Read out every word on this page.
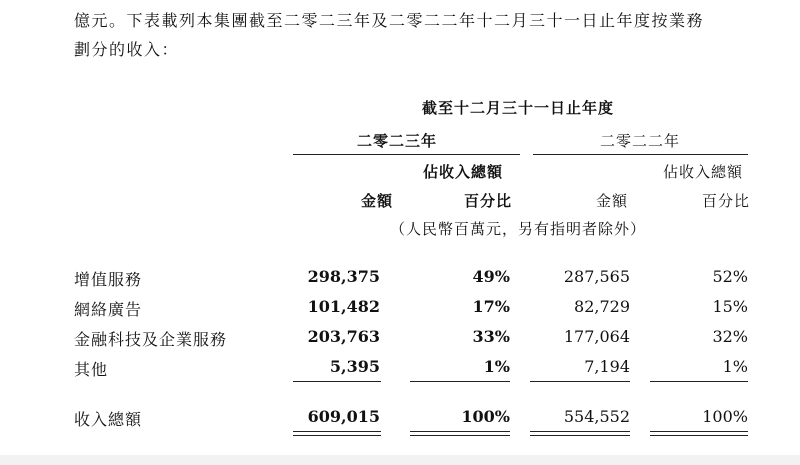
億元。下表載列本集團截至二零二三年及二零二二年十二月三十一日止年度按業務
劃分的收入：
截至十二月三十一日止年度
二零二三年	二零二二年
佔收入總額	佔收入總額
金額	百分比	金額	百分比
（人民幣百萬元，另有指明者除外）
增值服務	298,375	49%	287,565	52%
網絡廣告	101,482	17%	82,729	15%
金融科技及企業服務	203,763	33%	177,064	32%
其他	5,395	1%	7,194	1%
收入總額	609,015	100%	554,552	100%
